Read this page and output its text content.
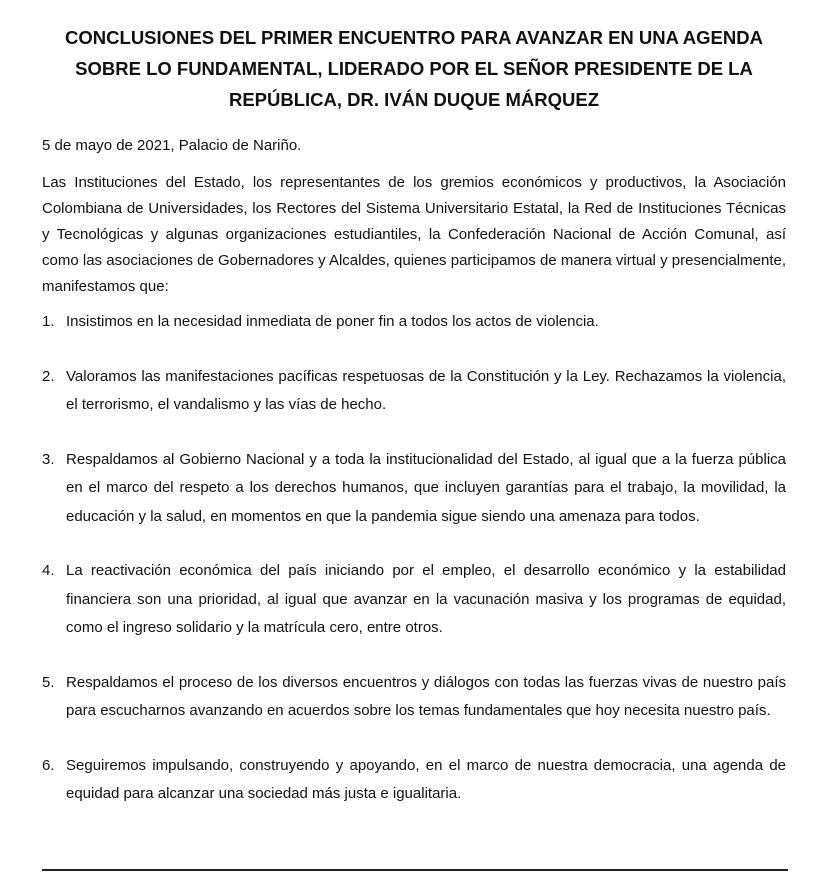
CONCLUSIONES DEL PRIMER ENCUENTRO PARA AVANZAR EN UNA AGENDA SOBRE LO FUNDAMENTAL, LIDERADO POR EL SEÑOR PRESIDENTE DE LA REPÚBLICA, DR. IVÁN DUQUE MÁRQUEZ

5 de mayo de 2021, Palacio de Nariño.

Las Instituciones del Estado, los representantes de los gremios económicos y productivos, la Asociación Colombiana de Universidades, los Rectores del Sistema Universitario Estatal, la Red de Instituciones Técnicas y Tecnológicas y algunas organizaciones estudiantiles, la Confederación Nacional de Acción Comunal, así como las asociaciones de Gobernadores y Alcaldes, quienes participamos de manera virtual y presencialmente, manifestamos que:

1. Insistimos en la necesidad inmediata de poner fin a todos los actos de violencia.
2. Valoramos las manifestaciones pacíficas respetuosas de la Constitución y la Ley. Rechazamos la violencia, el terrorismo, el vandalismo y las vías de hecho.
3. Respaldamos al Gobierno Nacional y a toda la institucionalidad del Estado, al igual que a la fuerza pública en el marco del respeto a los derechos humanos, que incluyen garantías para el trabajo, la movilidad, la educación y la salud, en momentos en que la pandemia sigue siendo una amenaza para todos.
4. La reactivación económica del país iniciando por el empleo, el desarrollo económico y la estabilidad financiera son una prioridad, al igual que avanzar en la vacunación masiva y los programas de equidad, como el ingreso solidario y la matrícula cero, entre otros.
5. Respaldamos el proceso de los diversos encuentros y diálogos con todas las fuerzas vivas de nuestro país para escucharnos avanzando en acuerdos sobre los temas fundamentales que hoy necesita nuestro país.
6. Seguiremos impulsando, construyendo y apoyando, en el marco de nuestra democracia, una agenda de equidad para alcanzar una sociedad más justa e igualitaria.
